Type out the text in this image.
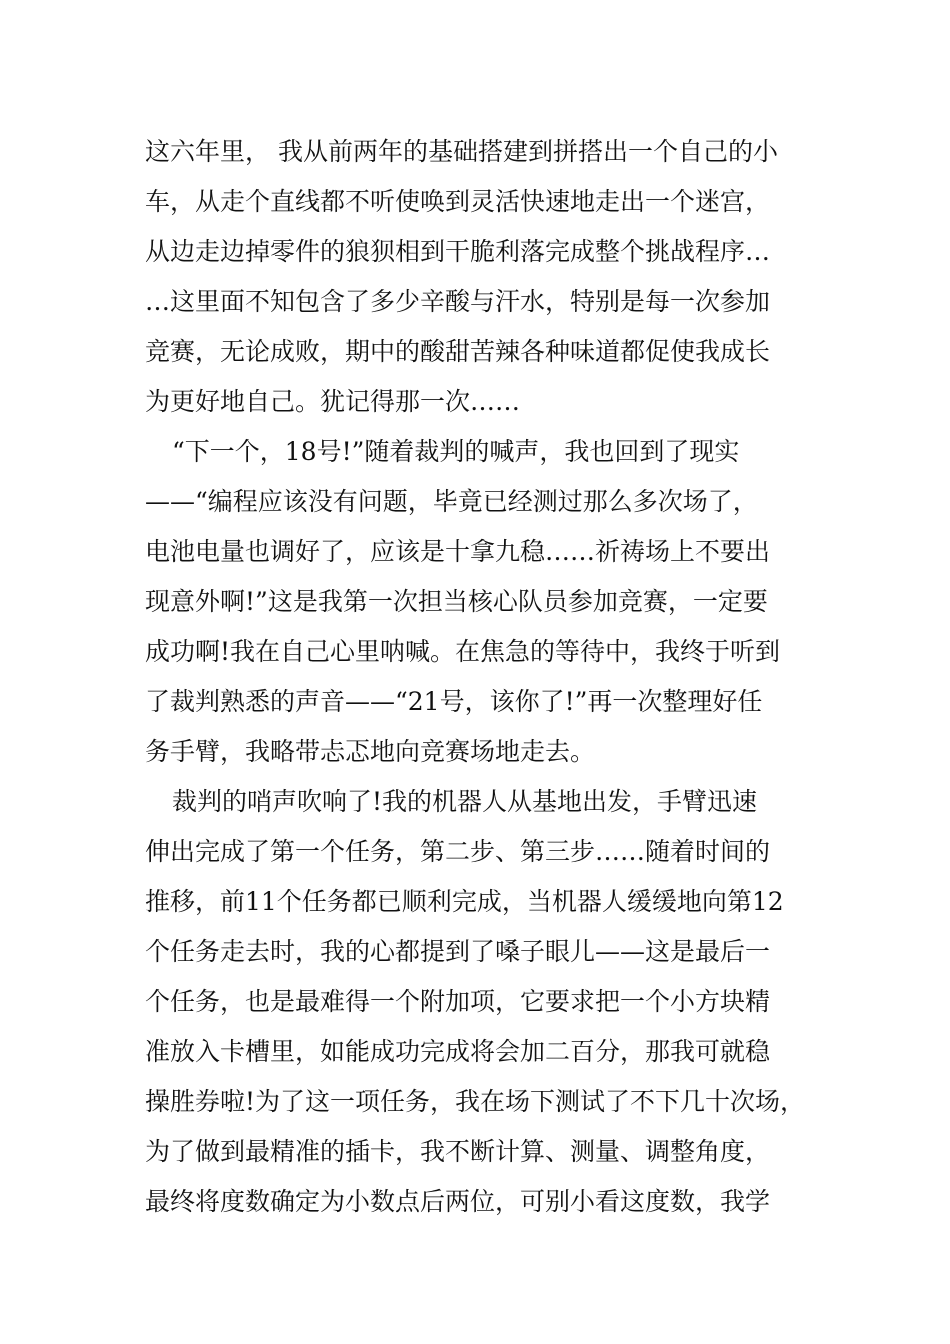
这六年里， 我从前两年的基础搭建到拼搭出一个自己的小
车，从走个直线都不听使唤到灵活快速地走出一个迷宫，
从边走边掉零件的狼狈相到干脆利落完成整个挑战程序…
…这里面不知包含了多少辛酸与汗水，特别是每一次参加
竞赛，无论成败，期中的酸甜苦辣各种味道都促使我成长
为更好地自己。犹记得那一次……
“下一个，18号!”随着裁判的喊声，我也回到了现实
——“编程应该没有问题，毕竟已经测过那么多次场了，
电池电量也调好了，应该是十拿九稳……祈祷场上不要出
现意外啊!”这是我第一次担当核心队员参加竞赛，一定要
成功啊!我在自己心里呐喊。在焦急的等待中，我终于听到
了裁判熟悉的声音——“21号，该你了!”再一次整理好任
务手臂，我略带忐忑地向竞赛场地走去。
裁判的哨声吹响了!我的机器人从基地出发，手臂迅速
伸出完成了第一个任务，第二步、第三步……随着时间的
推移，前11个任务都已顺利完成，当机器人缓缓地向第12
个任务走去时，我的心都提到了嗓子眼儿——这是最后一
个任务，也是最难得一个附加项，它要求把一个小方块精
准放入卡槽里，如能成功完成将会加二百分，那我可就稳
操胜券啦!为了这一项任务，我在场下测试了不下几十次场，
为了做到最精准的插卡，我不断计算、测量、调整角度，
最终将度数确定为小数点后两位，可别小看这度数，我学
